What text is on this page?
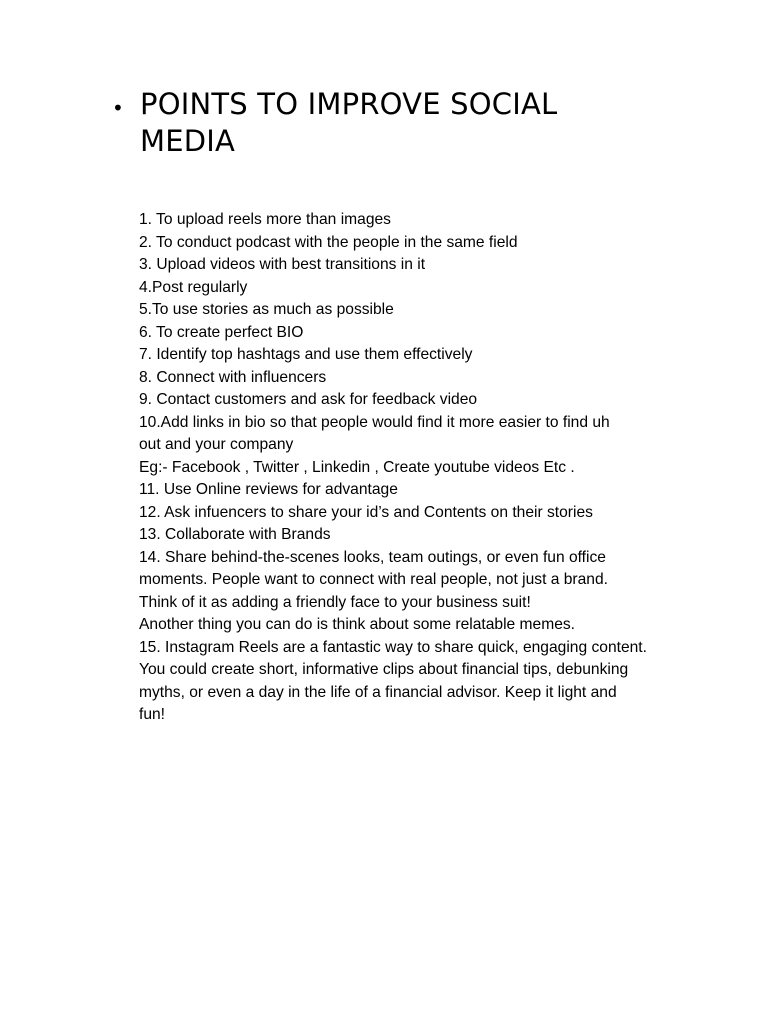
• POINTS TO IMPROVE SOCIAL
MEDIA
1. To upload reels more than images
2. To conduct podcast with the people in the same field
3. Upload videos with best transitions in it
4.Post regularly
5.To use stories as much as possible
6. To create perfect BIO
7. Identify top hashtags and use them effectively
8. Connect with influencers
9. Contact customers and ask for feedback video
10.Add links in bio so that people would find it more easier to find uh
out and your company
Eg:- Facebook , Twitter , Linkedin , Create youtube videos Etc .
11. Use Online reviews for advantage
12. Ask infuencers to share your id’s and Contents on their stories
13. Collaborate with Brands
14. Share behind-the-scenes looks, team outings, or even fun office
moments. People want to connect with real people, not just a brand.
Think of it as adding a friendly face to your business suit!
Another thing you can do is think about some relatable memes.
15. Instagram Reels are a fantastic way to share quick, engaging content.
You could create short, informative clips about financial tips, debunking
myths, or even a day in the life of a financial advisor. Keep it light and
fun!
